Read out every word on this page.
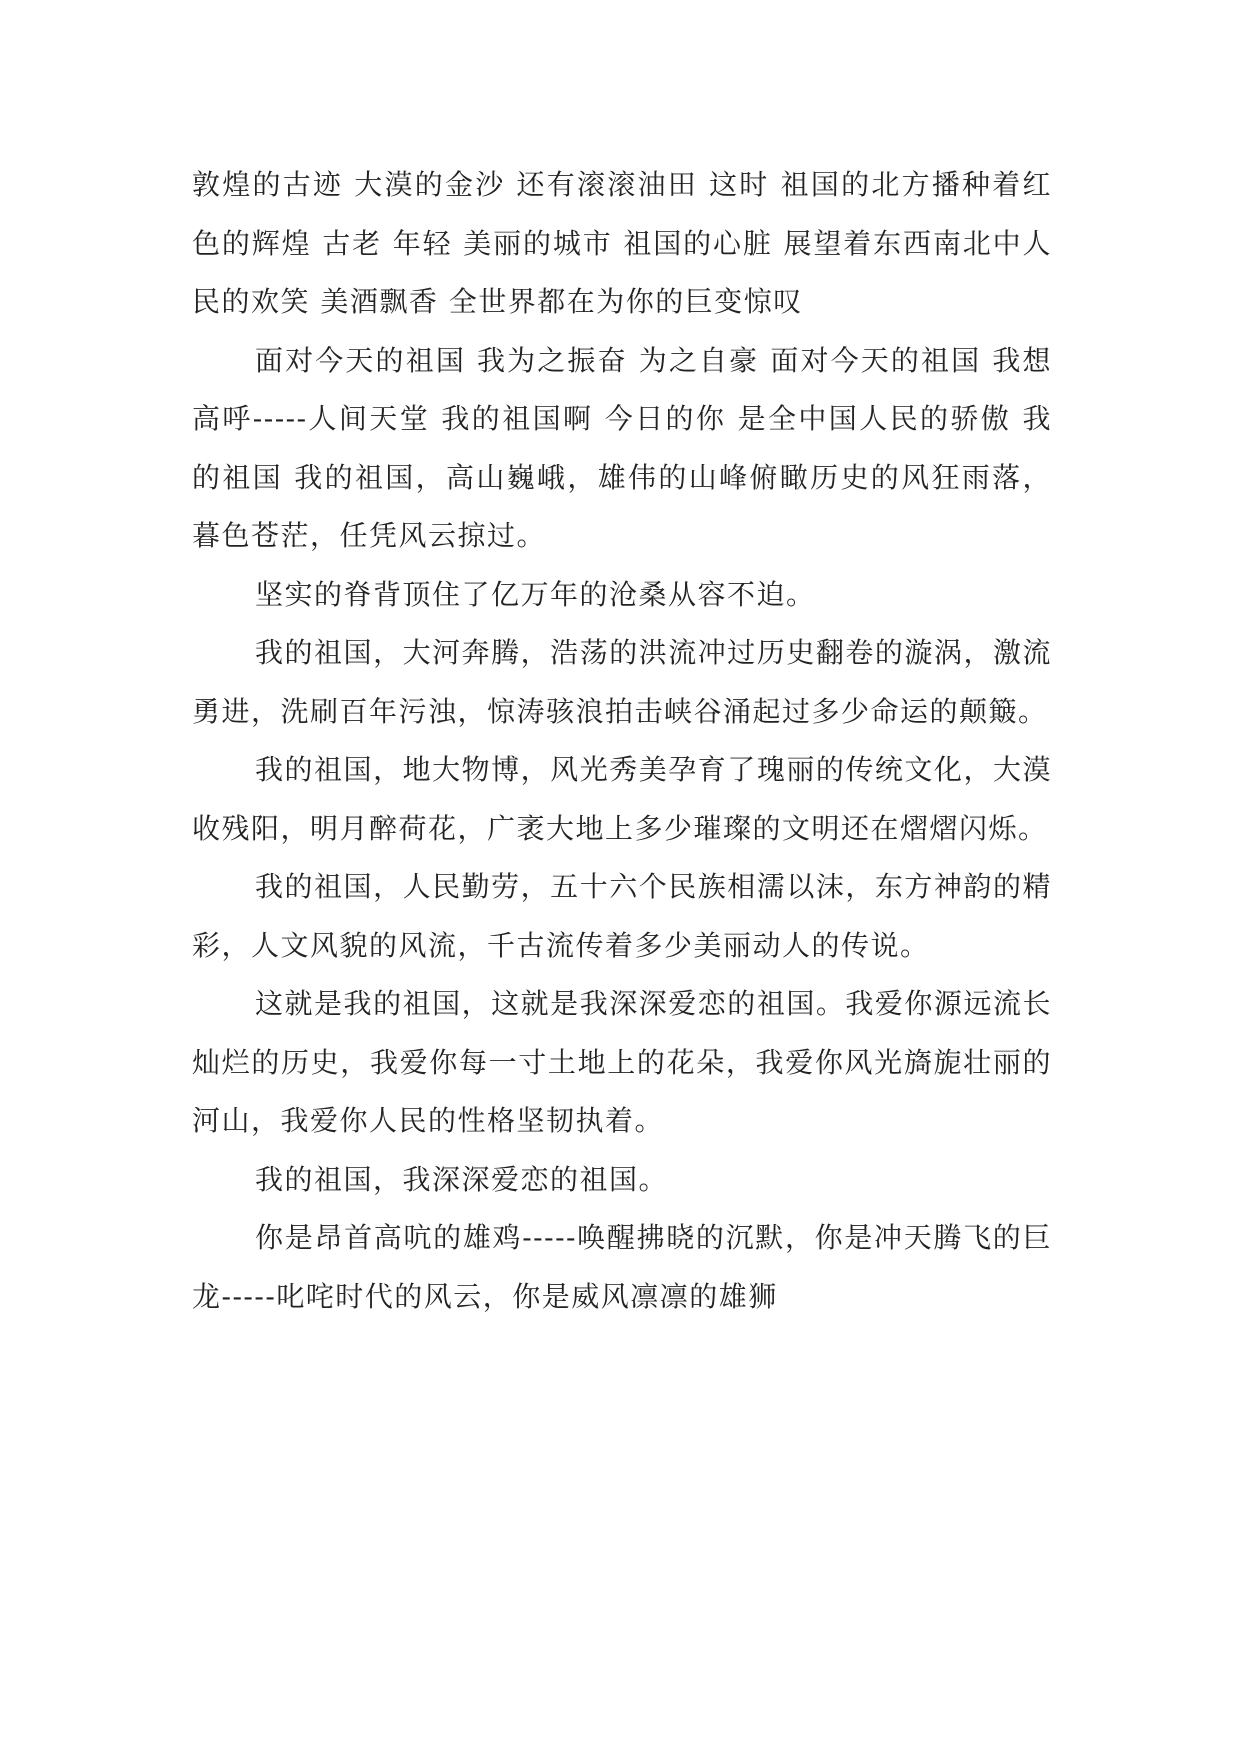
敦煌的古迹 大漠的金沙 还有滚滚油田 这时 祖国的北方播种着红色的辉煌 古老 年轻 美丽的城市 祖国的心脏 展望着东西南北中人民的欢笑 美酒飘香 全世界都在为你的巨变惊叹

面对今天的祖国 我为之振奋 为之自豪 面对今天的祖国 我想高呼-----人间天堂 我的祖国啊 今日的你 是全中国人民的骄傲 我的祖国 我的祖国，高山巍峨，雄伟的山峰俯瞰历史的风狂雨落，暮色苍茫，任凭风云掠过。

坚实的脊背顶住了亿万年的沧桑从容不迫。

我的祖国，大河奔腾，浩荡的洪流冲过历史翻卷的漩涡，激流勇进，洗刷百年污浊，惊涛骇浪拍击峡谷涌起过多少命运的颠簸。

我的祖国，地大物博，风光秀美孕育了瑰丽的传统文化，大漠收残阳，明月醉荷花，广袤大地上多少璀璨的文明还在熠熠闪烁。

我的祖国，人民勤劳，五十六个民族相濡以沫，东方神韵的精彩，人文风貌的风流，千古流传着多少美丽动人的传说。

这就是我的祖国，这就是我深深爱恋的祖国。我爱你源远流长灿烂的历史，我爱你每一寸土地上的花朵，我爱你风光旖旎壮丽的河山，我爱你人民的性格坚韧执着。

我的祖国，我深深爱恋的祖国。

你是昂首高吭的雄鸡-----唤醒拂晓的沉默，你是冲天腾飞的巨龙-----叱咤时代的风云，你是威风凛凛的雄狮
